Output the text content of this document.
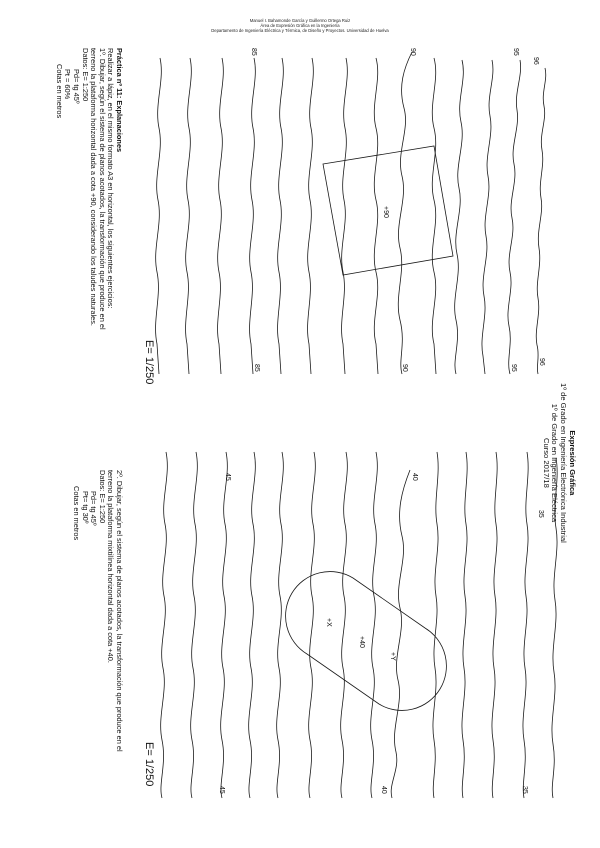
Manuel I. Bahamonde García y Guillermo Ortega Ruiz
Área de Expresión Gráfica en la Ingeniería
Departamento de Ingeniería Eléctrica y Térmica, de Diseño y Proyectos. Universidad de Huelva
96
95
90
85
96
95
90
85
+90
E= 1/250
35
40
45
35
40
45
+40
+X
+Y
E= 1/250
Práctica nº 11: Explanaciones
Realizar a lápiz, en el mismo formato A3 en horizontal, los siguientes ejercicios:
1º. Dibujar, según el sistema de planos acotados, la transformación que produce en el
terreno la plataforma horizontal dada a cota +90, considerando los taludes naturales.
Datos: E= 1:250
Pd= tg 45º
Pt = 60%
Cotas en metros
Expresión Gráfica
1º de Grado en Ingeniería Electrónica Industrial
1º de Grado en Ingeniería Eléctrica
Curso 2017/18
2º. Dibujar, según el sistema de planos acotados, la transformación que produce en el
terreno la plataforma mixtilínea horizontal dada a cota +40.
Datos: E= 1:250
Pd= tg 45º
Pt= tg 30º
Cotas en metros
